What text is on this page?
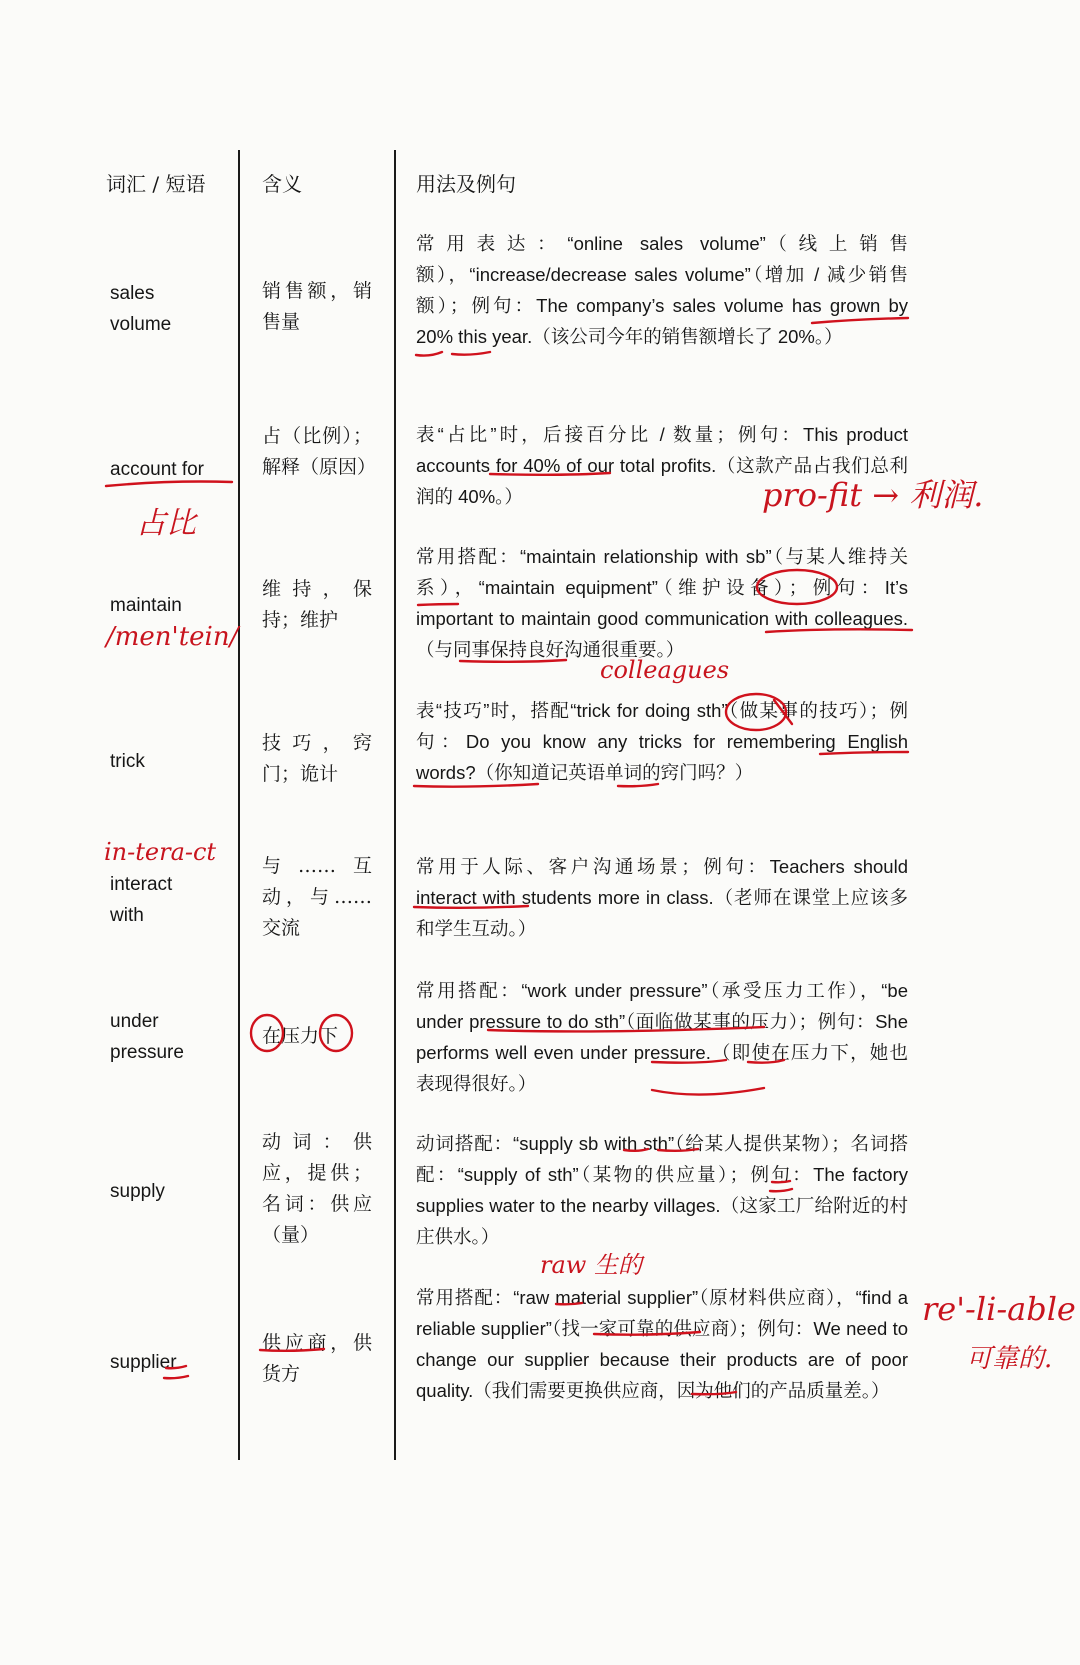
词汇 / 短语	含义	用法及例句
sales volume
销售额，销售量
常用表达：“online sales volume”（线上销售额），“increase/decrease sales volume”（增加 / 减少销售额）；例句：The company’s sales volume has grown by 20% this year.（该公司今年的销售额增长了 20%。）
account for
占（比例）；解释（原因）
表“占比”时，后接百分比 / 数量；例句：This product accounts for 40% of our total profits.（这款产品占我们总利润的 40%。）
maintain
维持，保持；维护
常用搭配：“maintain relationship with sb”（与某人维持关系），“maintain equipment”（维护设备）；例句：It’s important to maintain good communication with colleagues.（与同事保持良好沟通很重要。）
trick
技巧，窍门；诡计
表“技巧”时，搭配“trick for doing sth”（做某事的技巧）；例句：Do you know any tricks for remembering English words?（你知道记英语单词的窍门吗？）
interact with
与……互动，与……交流
常用于人际、客户沟通场景；例句：Teachers should interact with students more in class.（老师在课堂上应该多和学生互动。）
under pressure
在压力下
常用搭配：“work under pressure”（承受压力工作），“be under pressure to do sth”（面临做某事的压力）；例句：She performs well even under pressure.（即使在压力下，她也表现得很好。）
supply
动词：供应，提供；名词：供应（量）
动词搭配：“supply sb with sth”（给某人提供某物）；名词搭配：“supply of sth”（某物的供应量）；例句：The factory supplies water to the nearby villages.（这家工厂给附近的村庄供水。）
supplier
供应商，供货方
常用搭配：“raw material supplier”（原材料供应商），“find a reliable supplier”（找一家可靠的供应商）；例句：We need to change our supplier because their products are of poor quality.（我们需要更换供应商，因为他们的产品质量差。）
pro-fit → 利润.
占比
/men'tein/
colleagues
in-tera-ct
raw 生的
re'-li-able
可靠的.
